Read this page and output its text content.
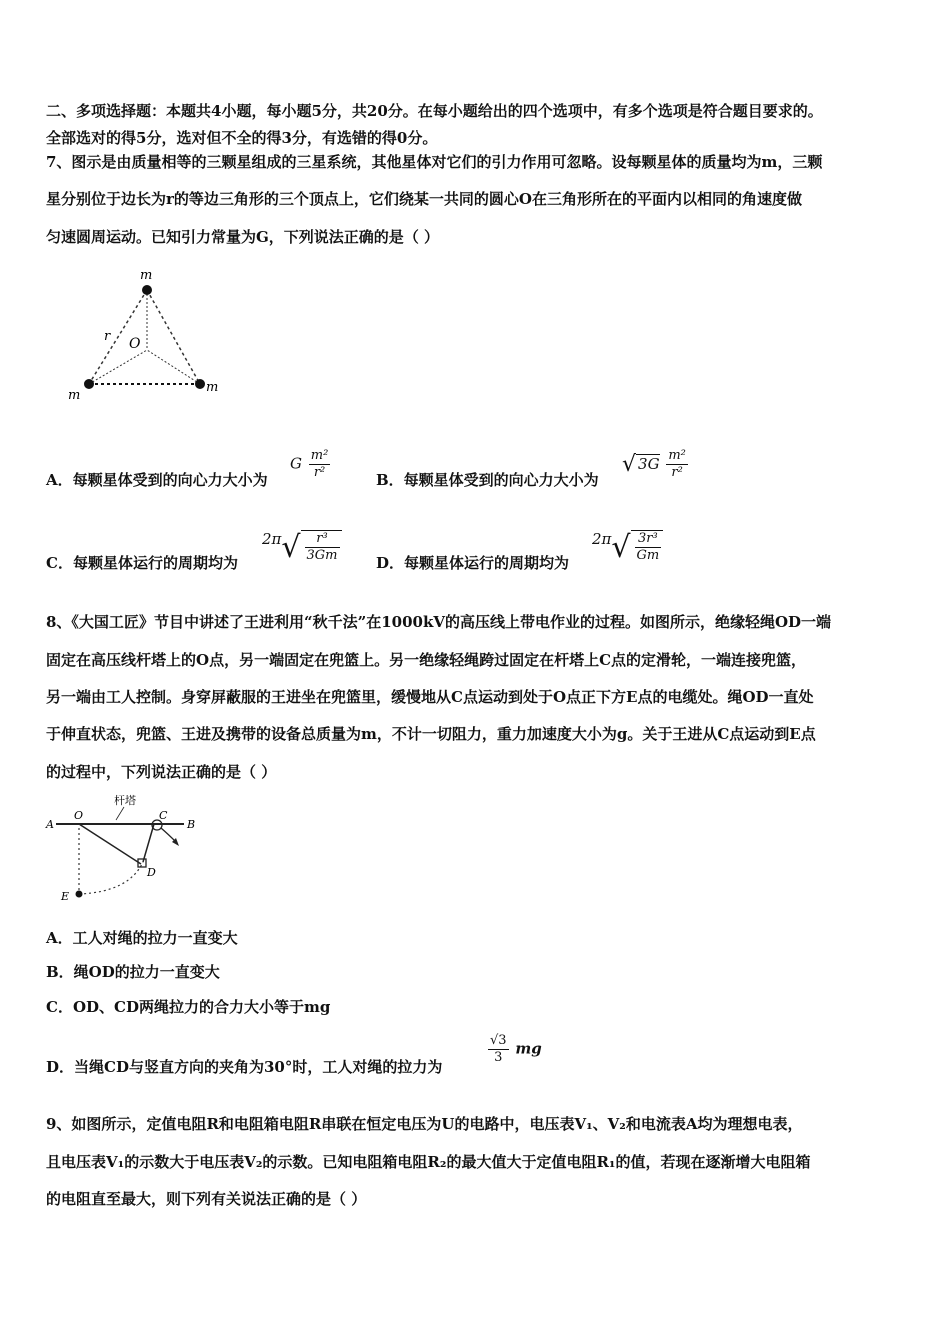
二、多项选择题：本题共4小题，每小题5分，共20分。在每小题给出的四个选项中，有多个选项是符合题目要求的。
全部选对的得5分，选对但不全的得3分，有选错的得0分。
7、图示是由质量相等的三颗星组成的三星系统，其他星体对它们的引力作用可忽略。设每颗星体的质量均为m，三颗
星分别位于边长为r的等边三角形的三个顶点上，它们绕某一共同的圆心O在三角形所在的平面内以相同的角速度做
匀速圆周运动。已知引力常量为G，下列说法正确的是（ ）
m
m
m
O
r
A．每颗星体受到的向心力大小为
G $\frac{\text{m²}}{\text{r²}}$	B．每颗星体受到的向心力大小为
√ $3G \frac{\text{m²}}{\text{r²}}$
C．每颗星体运行的周期均为
$2\pi√ \frac{\text{r³}}{3Gm}$ D．每颗星体运行的周期均为
$2\pi√ \frac{\text{3r³}}{Gm}$
8、《大国工匠》节目中讲述了王进利用“秋千法”在1000kV的高压线上带电作业的过程。如图所示，绝缘轻绳OD一端
固定在高压线杆塔上的O点，另一端固定在兜篮上。另一绝缘轻绳跨过固定在杆塔上C点的定滑轮，一端连接兜篮，
另一端由工人控制。身穿屏蔽服的王进坐在兜篮里，缓慢地从C点运动到处于O点正下方E点的电缆处。绳OD一直处
于伸直状态，兜篮、王进及携带的设备总质量为m，不计一切阻力，重力加速度大小为g。关于王进从C点运动到E点
的过程中，下列说法正确的是（ ）
杆塔
A
O	C
B
D
E
A．工人对绳的拉力一直变大
B．绳OD的拉力一直变大
C．OD、CD两绳拉力的合力大小等于mg
D．当绳CD与竖直方向的夹角为30°时，工人对绳的拉力为
$\frac{√3}{3}$ mg
9、如图所示，定值电阻R和电阻箱电阻R串联在恒定电压为U的电路中，电压表V₁、V₂和电流表A均为理想电表，
且电压表V₁的示数大于电压表V₂的示数。已知电阻箱电阻R₂的最大值大于定值电阻R₁的值，若现在逐渐增大电阻箱
的电阻直至最大，则下列有关说法正确的是（ ）
